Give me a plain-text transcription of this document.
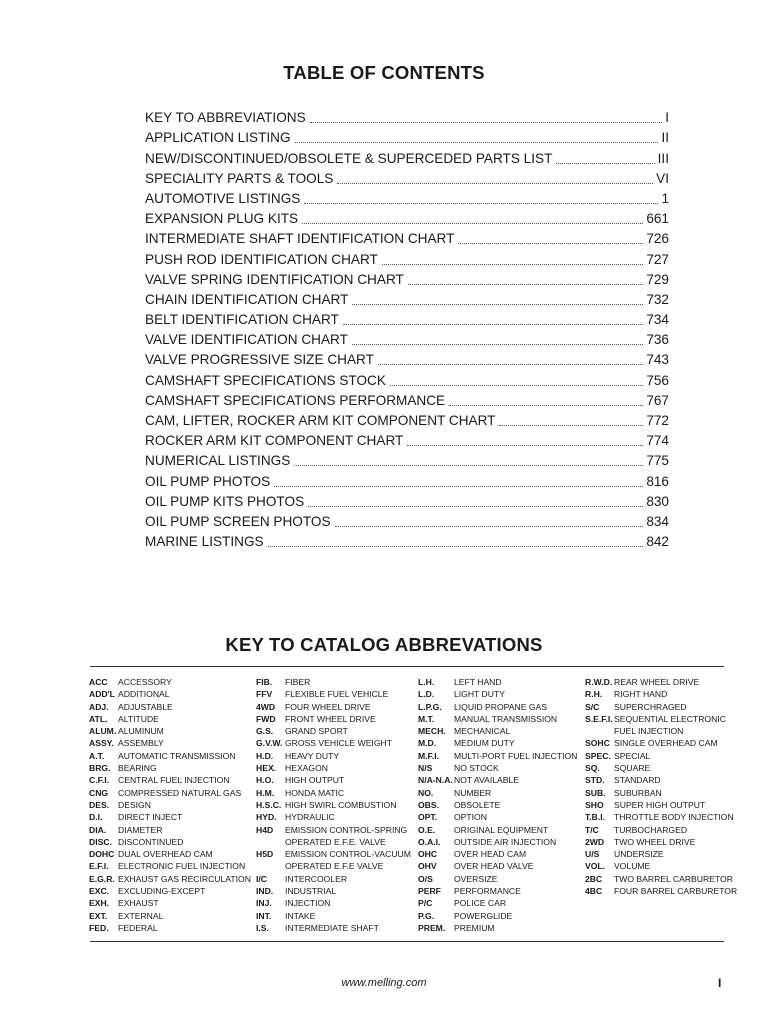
TABLE OF CONTENTS
KEY TO ABBREVIATIONS	I
APPLICATION LISTING	II
NEW/DISCONTINUED/OBSOLETE & SUPERCEDED PARTS LIST	III
SPECIALITY PARTS & TOOLS	VI
AUTOMOTIVE LISTINGS	1
EXPANSION PLUG KITS	661
INTERMEDIATE SHAFT IDENTIFICATION CHART	726
PUSH ROD IDENTIFICATION CHART	727
VALVE SPRING IDENTIFICATION CHART	729
CHAIN IDENTIFICATION CHART	732
BELT IDENTIFICATION CHART	734
VALVE IDENTIFICATION CHART	736
VALVE PROGRESSIVE SIZE CHART	743
CAMSHAFT SPECIFICATIONS STOCK	756
CAMSHAFT SPECIFICATIONS PERFORMANCE	767
CAM, LIFTER, ROCKER ARM KIT COMPONENT CHART	772
ROCKER ARM KIT COMPONENT CHART	774
NUMERICAL LISTINGS	775
OIL PUMP PHOTOS	816
OIL PUMP KITS PHOTOS	830
OIL PUMP SCREEN PHOTOS	834
MARINE LISTINGS	842
KEY TO CATALOG ABBREVATIONS
ACC	ACCESSORY
ADD'L ADDITIONAL
ADJ.	ADJUSTABLE
ATL.	ALTITUDE
ALUM. ALUMINUM
ASSY. ASSEMBLY
A.T.	AUTOMATIC TRANSMISSION
BRG. BEARING
C.F.I.	CENTRAL FUEL INJECTION
CNG	COMPRESSED NATURAL GAS
DES.	DESIGN
D.I.	DIRECT INJECT
DIA.	DIAMETER
DISC. DISCONTINUED
DOHC DUAL OVERHEAD CAM
E.F.I.	ELECTRONIC FUEL INJECTION
E.G.R. EXHAUST GAS RECIRCULATION
EXC.	EXCLUDING-EXCEPT
EXH.	EXHAUST
EXT.	EXTERNAL
FED.	FEDERAL
FIB.	FIBER
FFV	FLEXIBLE FUEL VEHICLE
4WD	FOUR WHEEL DRIVE
FWD	FRONT WHEEL DRIVE
G.S.	GRAND SPORT
G.V.W. GROSS VEHICLE WEIGHT
H.D.	HEAVY DUTY
HEX.	HEXAGON
H.O.	HIGH OUTPUT
H.M.	HONDA MATIC
H.S.C. HIGH SWIRL COMBUSTION
HYD. HYDRAULIC
H4D	EMISSION CONTROL-SPRING
OPERATED E.F.E. VALVE
H5D	EMISSION CONTROL-VACUUM
OPERATED E.F.E VALVE
I/C	INTERCOOLER
IND.	INDUSTRIAL
INJ.	INJECTION
INT.	INTAKE
I.S.	INTERMEDIATE SHAFT
L.H.	LEFT HAND
L.D.	LIGHT DUTY
L.P.G.	LIQUID PROPANE GAS
M.T.	MANUAL TRANSMISSION
MECH. MECHANICAL
M.D.	MEDIUM DUTY
M.F.I.	MULTI-PORT FUEL INJECTION
N/S	NO STOCK
N/A-N.A. NOT AVAILABLE
NO.	NUMBER
OBS.	OBSOLETE
OPT.	OPTION
O.E.	ORIGINAL EQUIPMENT
O.A.I.	OUTSIDE AIR INJECTION
OHC	OVER HEAD CAM
OHV	OVER HEAD VALVE
O/S	OVERSIZE
PERF	PERFORMANCE
P/C	POLICE CAR
P.G.	POWERGLIDE
PREM.	PREMIUM
R.W.D. REAR WHEEL DRIVE
R.H.	RIGHT HAND
S/C	SUPERCHRAGED
S.E.F.I. SEQUENTIAL ELECTRONIC
FUEL INJECTION
SOHC SINGLE OVERHEAD CAM
SPEC. SPECIAL
SQ.	SQUARE
STD.	STANDARD
SUB. SUBURBAN
SHO	SUPER HIGH OUTPUT
T.B.I.	THROTTLE BODY INJECTION
T/C	TURBOCHARGED
2WD	TWO WHEEL DRIVE
U/S	UNDERSIZE
VOL.	VOLUME
2BC	TWO BARREL CARBURETOR
4BC	FOUR BARREL CARBURETOR
www.melling.com	I
